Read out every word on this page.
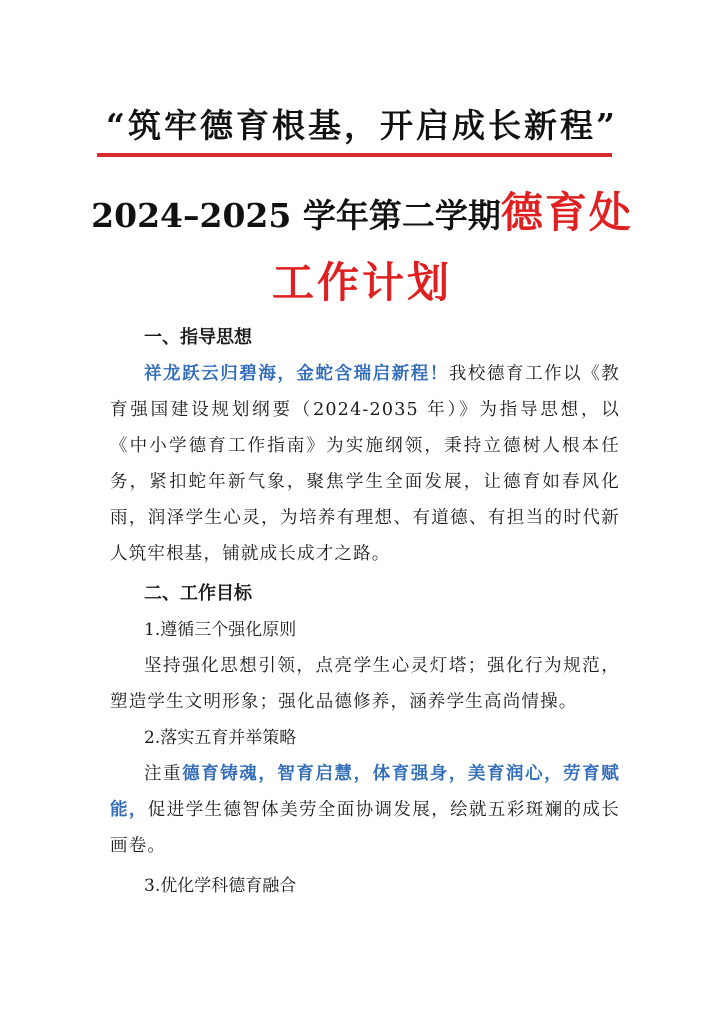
“筑牢德育根基，开启成长新程”
2024–2025 学年第二学期德育处
工作计划
一、指导思想

祥龙跃云归碧海，金蛇含瑞启新程！我校德育工作以《教育强国建设规划纲要（2024-2035 年）》为指导思想，以《中小学德育工作指南》为实施纲领，秉持立德树人根本任务，紧扣蛇年新气象，聚焦学生全面发展，让德育如春风化雨，润泽学生心灵，为培养有理想、有道德、有担当的时代新人筑牢根基，铺就成长成才之路。

二、工作目标
1.遵循三个强化原则

坚持强化思想引领，点亮学生心灵灯塔；强化行为规范，塑造学生文明形象；强化品德修养，涵养学生高尚情操。

2.落实五育并举策略

注重德育铸魂，智育启慧，体育强身，美育润心，劳育赋能，促进学生德智体美劳全面协调发展，绘就五彩斑斓的成长画卷。

3.优化学科德育融合
